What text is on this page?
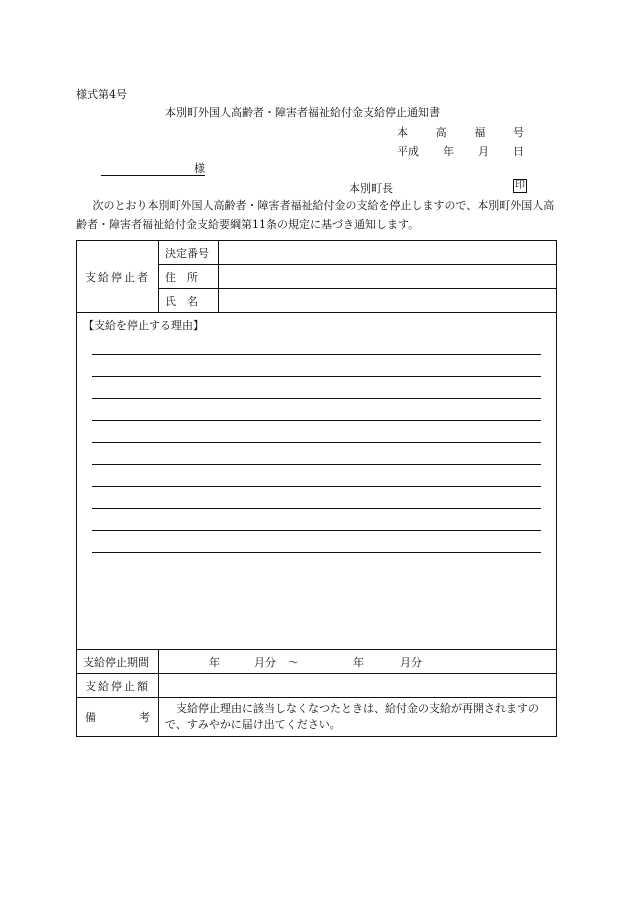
様式第4号
本別町外国人高齢者・障害者福祉給付金支給停止通知書
本	高	福	号
平成 年 月 日
様
本別町長	印
次のとおり本別町外国人高齢者・障害者福祉給付金の支給を停止しますので、本別町外国人高齢者・障害者福祉給付金支給要綱第11条の規定に基づき通知します。
支給停止者	決定番号	
	住　所	
	氏　名	

【支給を停止する理由】		

支給停止期間	年 月分 〜 年 月分	
支給停止額		

備 考	支給停止理由に該当しなくなつたときは、給付金の支給が再開されますので、すみやかに届け出てください。	
